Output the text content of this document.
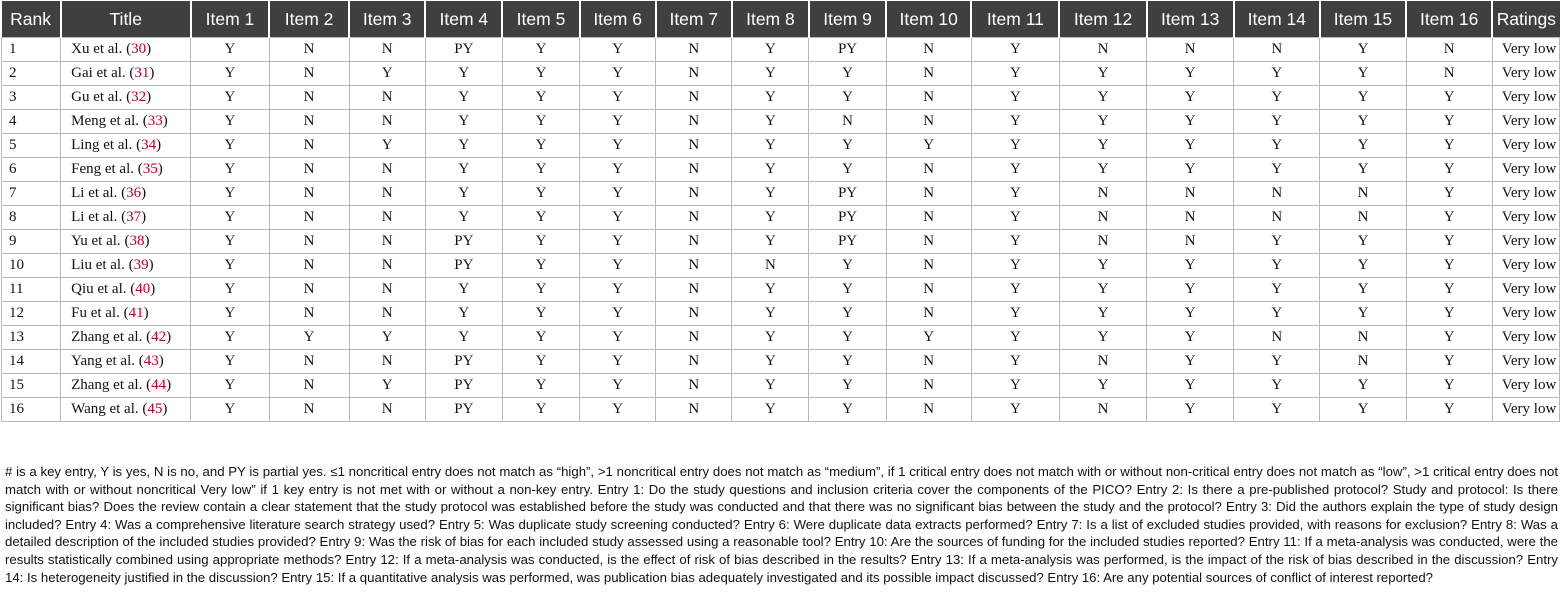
Rank	Title	Item 1	Item 2	Item 3	Item 4	Item 5	Item 6	Item 7	Item 8	Item 9	Item 10	Item 11	Item 12	Item 13	Item 14	Item 15	Item 16	Ratings
1	Xu et al. (30)	Y	N	N	PY	Y	Y	N	Y	PY	N	Y	N	N	N	Y	N	Very low
2	Gai et al. (31)	Y	N	Y	Y	Y	Y	N	Y	Y	N	Y	Y	Y	Y	Y	N	Very low
3	Gu et al. (32)	Y	N	N	Y	Y	Y	N	Y	Y	N	Y	Y	Y	Y	Y	Y	Very low
4	Meng et al. (33)	Y	N	N	Y	Y	Y	N	Y	N	N	Y	Y	Y	Y	Y	Y	Very low
5	Ling et al. (34)	Y	N	Y	Y	Y	Y	N	Y	Y	Y	Y	Y	Y	Y	Y	Y	Very low
6	Feng et al. (35)	Y	N	N	Y	Y	Y	N	Y	Y	N	Y	Y	Y	Y	Y	Y	Very low
7	Li et al. (36)	Y	N	N	Y	Y	Y	N	Y	PY	N	Y	N	N	N	N	Y	Very low
8	Li et al. (37)	Y	N	N	Y	Y	Y	N	Y	PY	N	Y	N	N	N	N	Y	Very low
9	Yu et al. (38)	Y	N	N	PY	Y	Y	N	Y	PY	N	Y	N	N	Y	Y	Y	Very low
10	Liu et al. (39)	Y	N	N	PY	Y	Y	N	N	Y	N	Y	Y	Y	Y	Y	Y	Very low
11	Qiu et al. (40)	Y	N	N	Y	Y	Y	N	Y	Y	N	Y	Y	Y	Y	Y	Y	Very low
12	Fu et al. (41)	Y	N	N	Y	Y	Y	N	Y	Y	N	Y	Y	Y	Y	Y	Y	Very low
13	Zhang et al. (42)	Y	Y	Y	Y	Y	Y	N	Y	Y	Y	Y	Y	Y	N	N	Y	Very low
14	Yang et al. (43)	Y	N	N	PY	Y	Y	N	Y	Y	N	Y	N	Y	Y	N	Y	Very low
15	Zhang et al. (44)	Y	N	Y	PY	Y	Y	N	Y	Y	N	Y	Y	Y	Y	Y	Y	Very low
16	Wang et al. (45)	Y	N	N	PY	Y	Y	N	Y	Y	N	Y	N	Y	Y	Y	Y	Very low
# is a key entry, Y is yes, N is no, and PY is partial yes. ≤1 noncritical entry does not match as “high”, >1 noncritical entry does not match as “medium”, if 1 critical entry does not match with or without non-critical entry does not match as “low”, >1 critical entry does not match with or without noncritical Very low” if 1 key entry is not met with or without a non-key entry. Entry 1: Do the study questions and inclusion criteria cover the components of the PICO? Entry 2: Is there a pre-published protocol? Study and protocol: Is there significant bias? Does the review contain a clear statement that the study protocol was established before the study was conducted and that there was no significant bias between the study and the protocol? Entry 3: Did the authors explain the type of study design included? Entry 4: Was a comprehensive literature search strategy used? Entry 5: Was duplicate study screening conducted? Entry 6: Were duplicate data extracts performed? Entry 7: Is a list of excluded studies provided, with reasons for exclusion? Entry 8: Was a detailed description of the included studies provided? Entry 9: Was the risk of bias for each included study assessed using a reasonable tool? Entry 10: Are the sources of funding for the included studies reported? Entry 11: If a meta-analysis was conducted, were the results statistically combined using appropriate methods? Entry 12: If a meta-analysis was conducted, is the effect of risk of bias described in the results? Entry 13: If a meta-analysis was performed, is the impact of the risk of bias described in the discussion? Entry 14: Is heterogeneity justified in the discussion? Entry 15: If a quantitative analysis was performed, was publication bias adequately investigated and its possible impact discussed? Entry 16: Are any potential sources of conflict of interest reported?
